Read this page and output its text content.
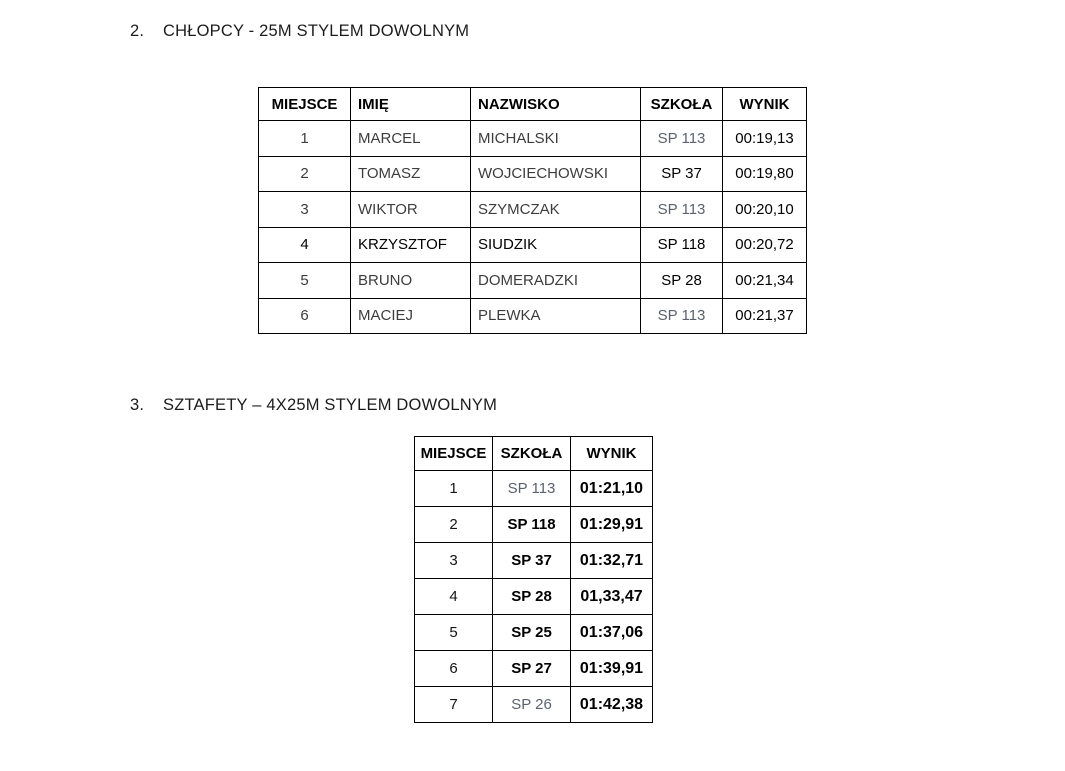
2. CHŁOPCY - 25M STYLEM DOWOLNYM
MIEJSCE	IMIĘ	NAZWISKO	SZKOŁA	WYNIK
1	MARCEL	MICHALSKI	SP 113	00:19,13
2	TOMASZ	WOJCIECHOWSKI	SP 37	00:19,80
3	WIKTOR	SZYMCZAK	SP 113	00:20,10
4	KRZYSZTOF	SIUDZIK	SP 118	00:20,72
5	BRUNO	DOMERADZKI	SP 28	00:21,34
6	MACIEJ	PLEWKA	SP 113	00:21,37
3. SZTAFETY – 4X25M STYLEM DOWOLNYM
MIEJSCE	SZKOŁA	WYNIK
1	SP 113	01:21,10
2	SP 118	01:29,91
3	SP 37	01:32,71
4	SP 28	01,33,47
5	SP 25	01:37,06
6	SP 27	01:39,91
7	SP 26	01:42,38
